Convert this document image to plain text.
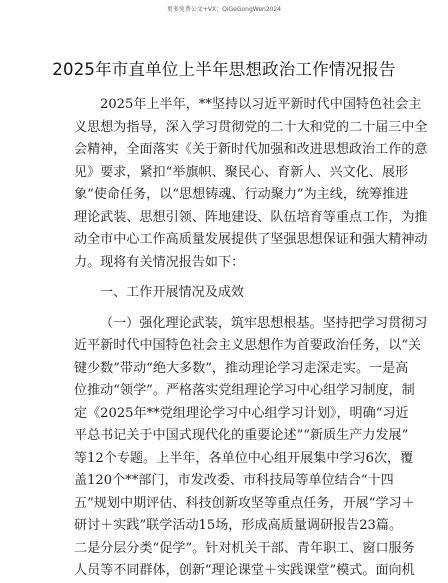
更多免费公文+VX：QiGeGongWen2024
2025年市直单位上半年思想政治工作情况报告
2025年上半年，**坚持以习近平新时代中国特色社会主
义思想为指导，深入学习贯彻党的二十大和党的二十届三中全
会精神，全面落实《关于新时代加强和改进思想政治工作的意
见》要求，紧扣“举旗帜、聚民心、育新人、兴文化、展形
象”使命任务，以“思想铸魂、行动聚力”为主线，统筹推进
理论武装、思想引领、阵地建设、队伍培育等重点工作，为推
动全市中心工作高质量发展提供了坚强思想保证和强大精神动
力。现将有关情况报告如下：
一、工作开展情况及成效
（一）强化理论武装，筑牢思想根基。坚持把学习贯彻习
近平新时代中国特色社会主义思想作为首要政治任务，以“关
键少数”带动“绝大多数”，推动理论学习走深走实。一是高
位推动“领学”。严格落实党组理论学习中心组学习制度，制
定《2025年**党组理论学习中心组学习计划》，明确“习近
平总书记关于中国式现代化的重要论述”“新质生产力发展”
等12个专题。上半年，各单位中心组开展集中学习6次，覆
盖120个**部门，市发改委、市科技局等单位结合“十四
五”规划中期评估、科技创新攻坚等重点任务，开展“学习＋
研讨＋实践”联学活动15场，形成高质量调研报告23篇。
二是分层分类“促学”。针对机关干部、青年职工、窗口服务
人员等不同群体，创新“理论课堂＋实践课堂”模式。面向机
